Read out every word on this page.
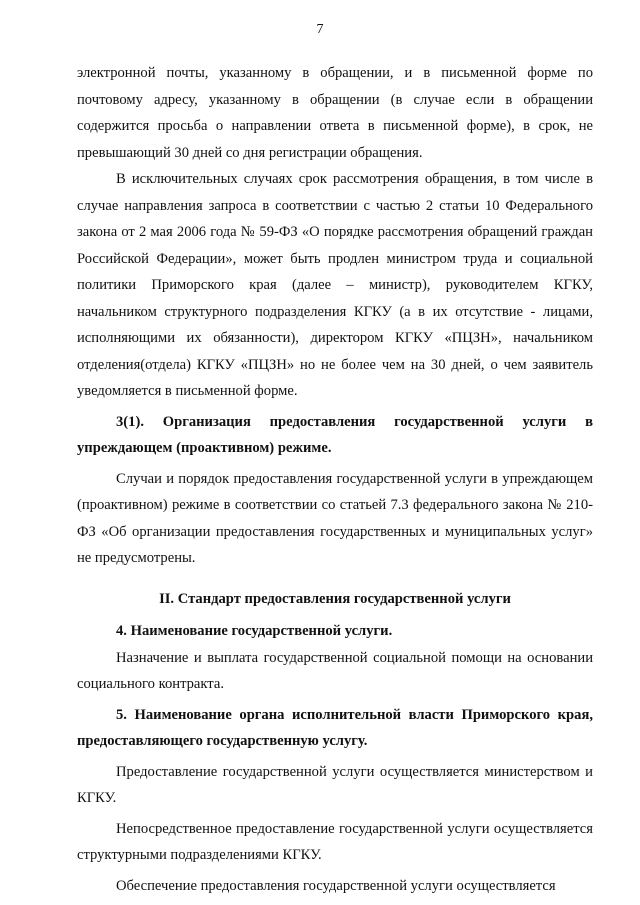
7

электронной почты, указанному в обращении, и в письменной форме по почтовому адресу, указанному в обращении (в случае если в обращении содержится просьба о направлении ответа в письменной форме), в срок, не превышающий 30 дней со дня регистрации обращения.

В исключительных случаях срок рассмотрения обращения, в том числе в случае направления запроса в соответствии с частью 2 статьи 10 Федерального закона от 2 мая 2006 года № 59-ФЗ «О порядке рассмотрения обращений граждан Российской Федерации», может быть продлен министром труда и социальной политики Приморского края (далее – министр), руководителем КГКУ, начальником структурного подразделения КГКУ (а в их отсутствие - лицами, исполняющими их обязанности), директором КГКУ «ПЦЗН», начальником отделения(отдела) КГКУ «ПЦЗН» но не более чем на 30 дней, о чем заявитель уведомляется в письменной форме.

3(1). Организация предоставления государственной услуги в упреждающем (проактивном) режиме.

Случаи и порядок предоставления государственной услуги в упреждающем (проактивном) режиме в соответствии со статьей 7.3 федерального закона № 210-ФЗ «Об организации предоставления государственных и муниципальных услуг» не предусмотрены.

II. Стандарт предоставления государственной услуги

4. Наименование государственной услуги.

Назначение и выплата государственной социальной помощи на основании социального контракта.

5. Наименование органа исполнительной власти Приморского края, предоставляющего государственную услугу.

Предоставление государственной услуги осуществляется министерством и КГКУ.

Непосредственное предоставление государственной услуги осуществляется структурными подразделениями КГКУ.

Обеспечение предоставления государственной услуги осуществляется
